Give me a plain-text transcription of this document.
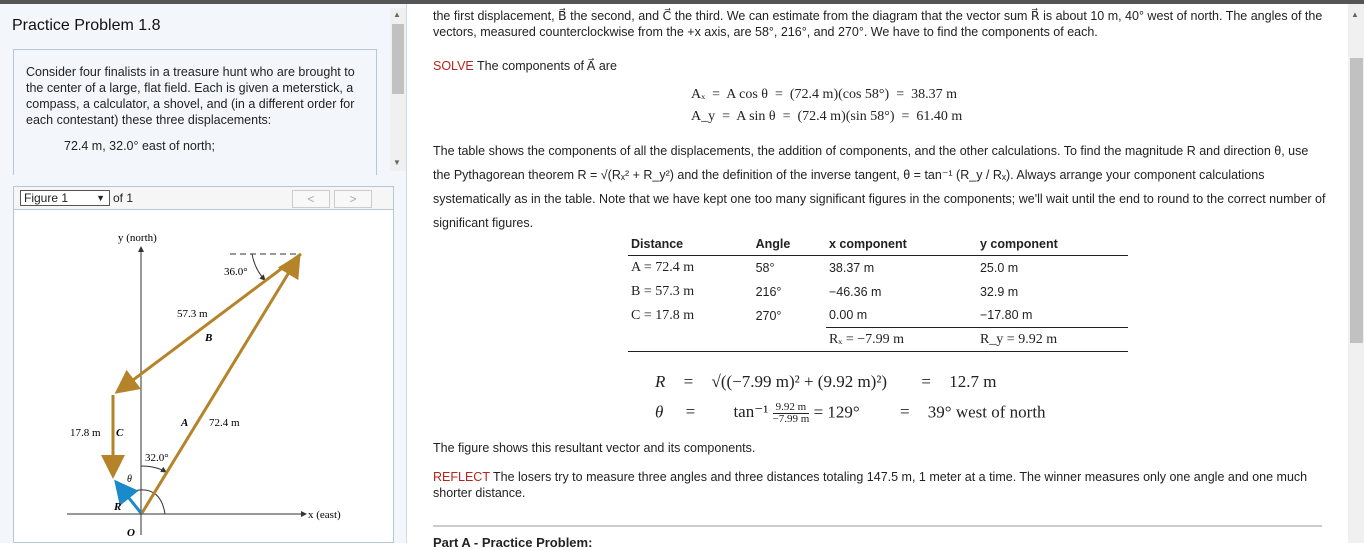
Practice Problem 1.8
Consider four finalists in a treasure hunt who are brought to the center of a large, flat field. Each is given a meterstick, a compass, a calculator, a shovel, and (in a different order for each contestant) these three displacements:
72.4 m, 32.0° east of north;
▲
▼
Figure 1	▼ of 1	<	>
y (north)
x (east)
O
36.0°
57.3 m
B⃗
17.8 m C⃗
A⃗ 72.4 m
32.0°
θ
R⃗
the first displacement, B⃗ the second, and C⃗ the third. We can estimate from the diagram that the vector sum R⃗ is about 10 m, 40° west of north. The angles of the vectors, measured counterclockwise from the +x axis, are 58°, 216°, and 270°. We have to find the components of each.
SOLVE The components of A⃗ are
Aₓ  =  A cos θ  =  (72.4 m)(cos 58°)  =  38.37 m
A_y  =  A sin θ  =  (72.4 m)(sin 58°)  =  61.40 m
The table shows the components of all the displacements, the addition of components, and the other calculations. To find the magnitude R and direction θ, use the Pythagorean theorem R = √(Rₓ² + R_y²) and the definition of the inverse tangent, θ = tan⁻¹ (R_y / Rₓ). Always arrange your component calculations systematically as in the table. Note that we have kept one too many significant figures in the components; we'll wait until the end to round to the correct number of significant figures.
Distance	Angle	x component	y component
A = 72.4 m	58°	38.37 m	25.0 m
B = 57.3 m	216°	−46.36 m	32.9 m
C = 17.8 m	270°	0.00 m	−17.80 m
		Rₓ = −7.99 m	R_y = 9.92 m
R = √((−7.99 m)² + (9.92 m)²) = 12.7 m
$\theta = \tan^{-1} \frac{9.92 m}{-7.99 m} = 129^\circ = 39^\circ$ west of north
The figure shows this resultant vector and its components.
REFLECT The losers try to measure three angles and three distances totaling 147.5 m, 1 meter at a time. The winner measures only one angle and one much shorter distance.
Part A - Practice Problem:
▲
